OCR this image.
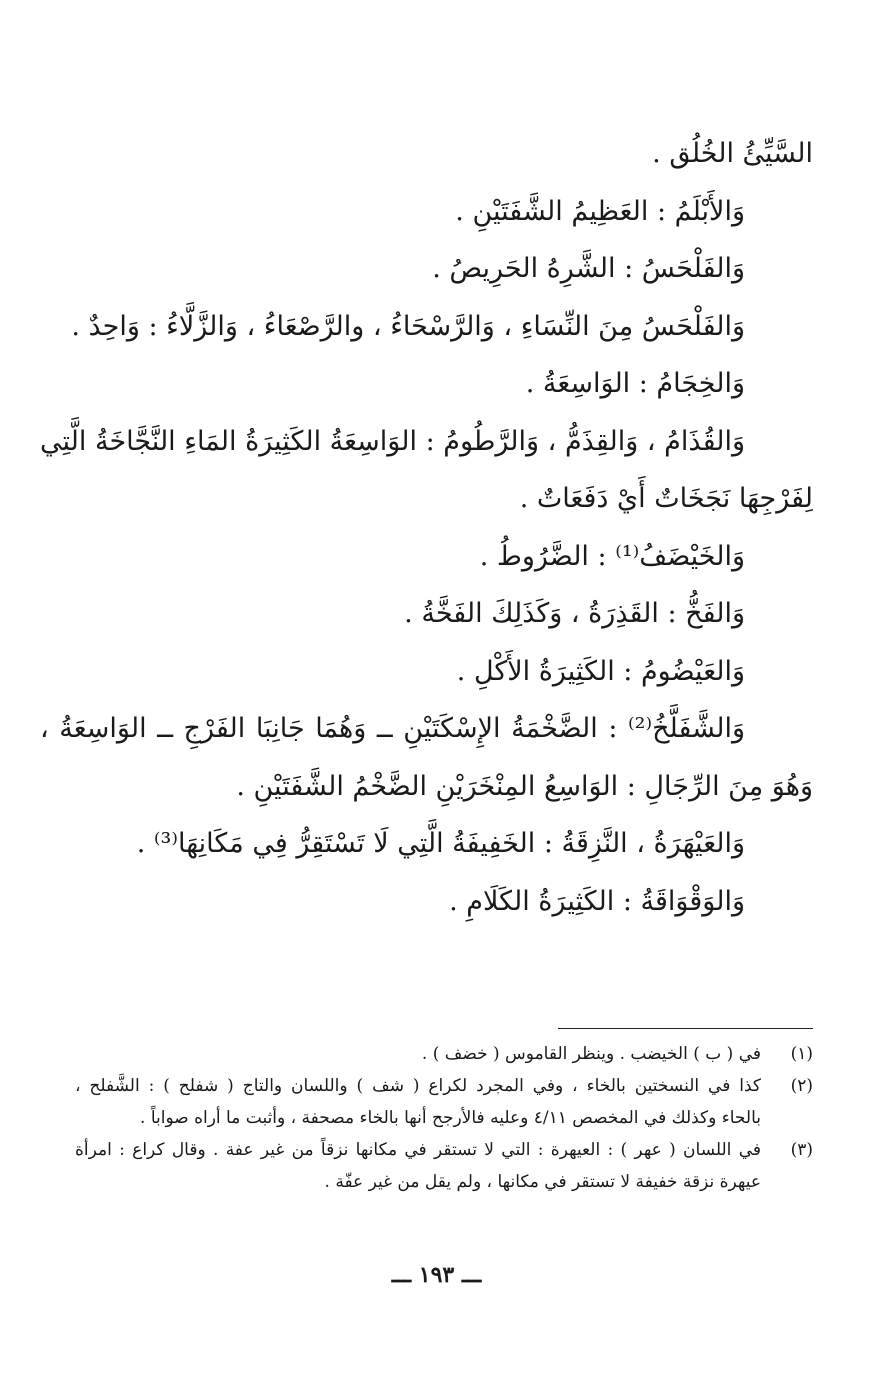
السَّيِّئُ الخُلُق .
وَالأَبْلَمُ : العَظِيمُ الشَّفَتَيْنِ .
وَالفَلْحَسُ : الشَّرِهُ الحَرِيصُ .
وَالفَلْحَسُ مِنَ النِّسَاءِ ، وَالرَّسْحَاءُ ، والرَّصْعَاءُ ، وَالزَّلَّاءُ : وَاحِدٌ .
وَالخِجَامُ : الوَاسِعَةُ .
وَالقُذَامُ ، وَالقِذَمُّ ، وَالرَّطُومُ : الوَاسِعَةُ الكَثِيرَةُ المَاءِ النَّجَّاخَةُ الَّتِي
لِفَرْجِهَا نَجَخَاتٌ أَيْ دَفَعَاتٌ .
وَالخَيْضَفُ⁽¹⁾ : الضَّرُوطُ .
وَالفَخُّ : القَذِرَةُ ، وَكَذَلِكَ الفَخَّةُ .
وَالعَيْضُومُ : الكَثِيرَةُ الأَكْلِ .
وَالشَّفَلَّخُ⁽²⁾ : الضَّخْمَةُ الإِسْكَتَيْنِ ــ وَهُمَا جَانِبَا الفَرْجِ ــ الوَاسِعَةُ ،
وَهُوَ مِنَ الرِّجَالِ : الوَاسِعُ المِنْخَرَيْنِ الضَّخْمُ الشَّفَتَيْنِ .
وَالعَيْهَرَةُ ، النَّزِقَةُ : الخَفِيفَةُ الَّتِي لَا تَسْتَقِرُّ فِي مَكَانِهَا⁽³⁾ .
وَالوَقْوَاقَةُ : الكَثِيرَةُ الكَلَامِ .
(١)
في ( ب ) الخيضب . وينظر القاموس ( خضف ) .
(٢)
كذا في النسختين بالخاء ، وفي المجرد لكراع ( شف ) واللسان والتاج ( شفلح ) : الشَّفلح ،
بالحاء وكذلك في المخصص ٤/١١ وعليه فالأرجح أنها بالخاء مصحفة ، وأثبت ما أراه صواباً .
(٣)
في اللسان ( عهر ) : العيهرة : التي لا تستقر في مكانها نزقاً من غير عفة . وقال كراع : امرأة
عيهرة نزقة خفيفة لا تستقر في مكانها ، ولم يقل من غير عفّة .
ـــ ١٩٣ ـــ
